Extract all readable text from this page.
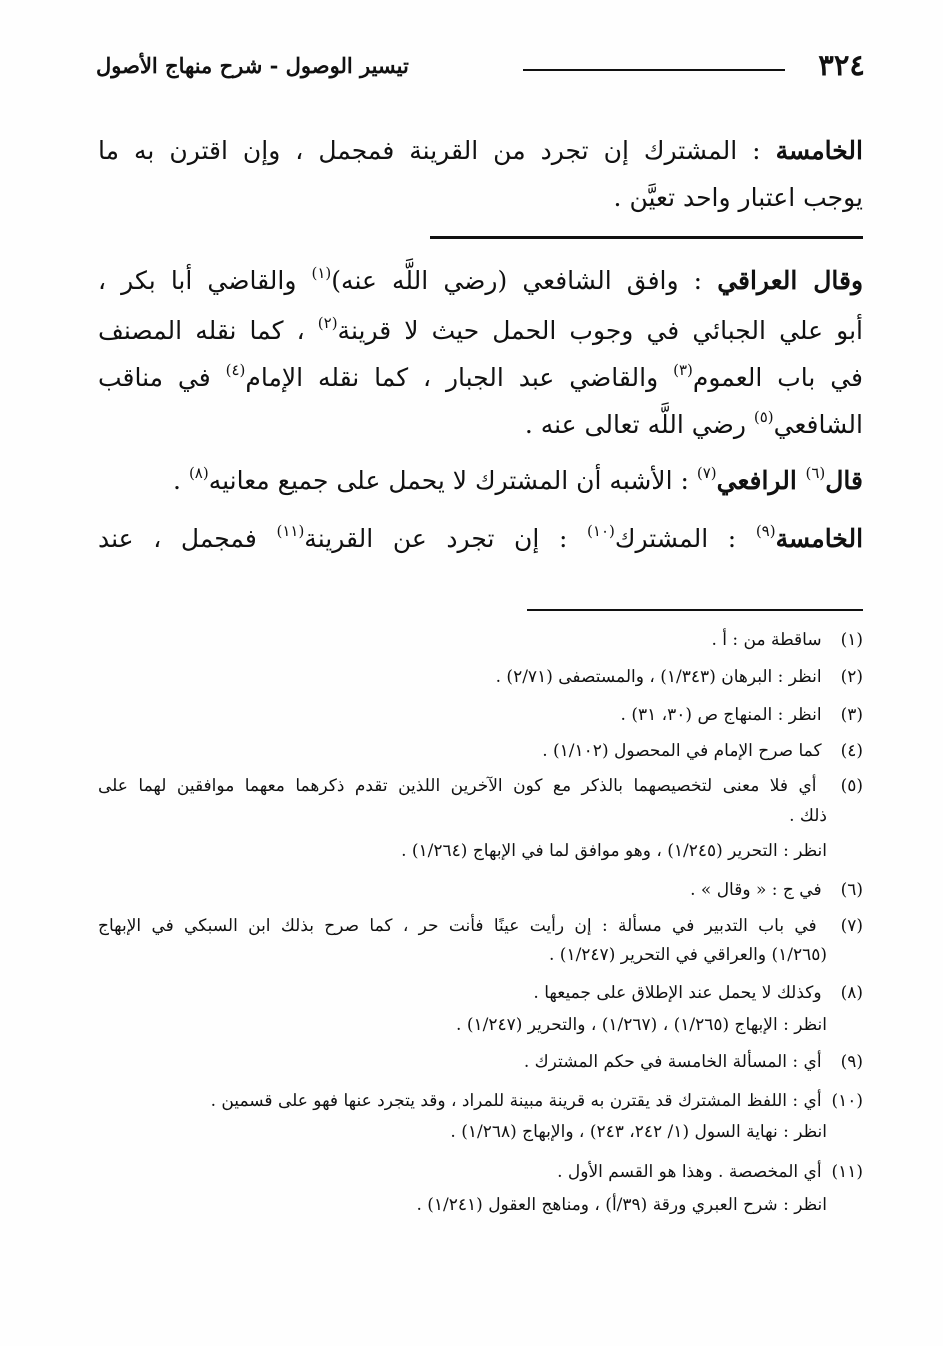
٣٢٤
تيسير الوصول - شرح منهاج الأصول
الخامسة : المشترك إن تجرد من القرينة فمجمل ، وإن اقترن به ما
يوجب اعتبار واحد تعيَّن .
وقال العراقي : وافق الشافعي (رضي اللَّه عنه)$^{(١)}$ والقاضي أبا بكر ،
أبو علي الجبائي في وجوب الحمل حيث لا قرينة$^{(٢)}$ ، كما نقله المصنف
في باب العموم$^{(٣)}$ والقاضي عبد الجبار ، كما نقله الإمام$^{(٤)}$ في مناقب
الشافعي$^{(٥)}$ رضي اللَّه تعالى عنه .
قال$^{(٦)}$ الرافعي$^{(٧)}$ : الأشبه أن المشترك لا يحمل على جميع معانيه$^{(٨)}$ .
الخامسة$^{(٩)}$ : المشترك$^{(١٠)}$ : إن تجرد عن القرينة$^{(١١)}$ فمجمل ، عند
(١) ساقطة من : أ .
(٢) انظر : البرهان (١/٣٤٣) ، والمستصفى (٢/٧١) .
(٣) انظر : المنهاج ص (٣٠، ٣١) .
(٤) كما صرح الإمام في المحصول (١/١٠٢) .
(٥) أي فلا معنى لتخصيصهما بالذكر مع كون الآخرين اللذين تقدم ذكرهما معهما موافقين لهما على
ذلك .
انظر : التحرير (١/٢٤٥) ، وهو موافق لما في الإبهاج (١/٢٦٤) .
(٦) في ج : « وقال » .
(٧) في باب التدبير في مسألة : إن رأيت عينًا فأنت حر ، كما صرح بذلك ابن السبكي في الإبهاج
(١/٢٦٥) والعراقي في التحرير (١/٢٤٧) .
(٨) وكذلك لا يحمل عند الإطلاق على جميعها .
انظر : الإبهاج (١/٢٦٥) ، (١/٢٦٧) ، والتحرير (١/٢٤٧) .
(٩) أي : المسألة الخامسة في حكم المشترك .
(١٠) أي : اللفظ المشترك قد يقترن به قرينة مبينة للمراد ، وقد يتجرد عنها فهو على قسمين .
انظر : نهاية السول (١/ ٢٤٢، ٢٤٣) ، والإبهاج (١/٢٦٨) .
(١١) أي المخصصة . وهذا هو القسم الأول .
انظر : شرح العبري ورقة (٣٩/أ) ، ومناهج العقول (١/٢٤١) .
